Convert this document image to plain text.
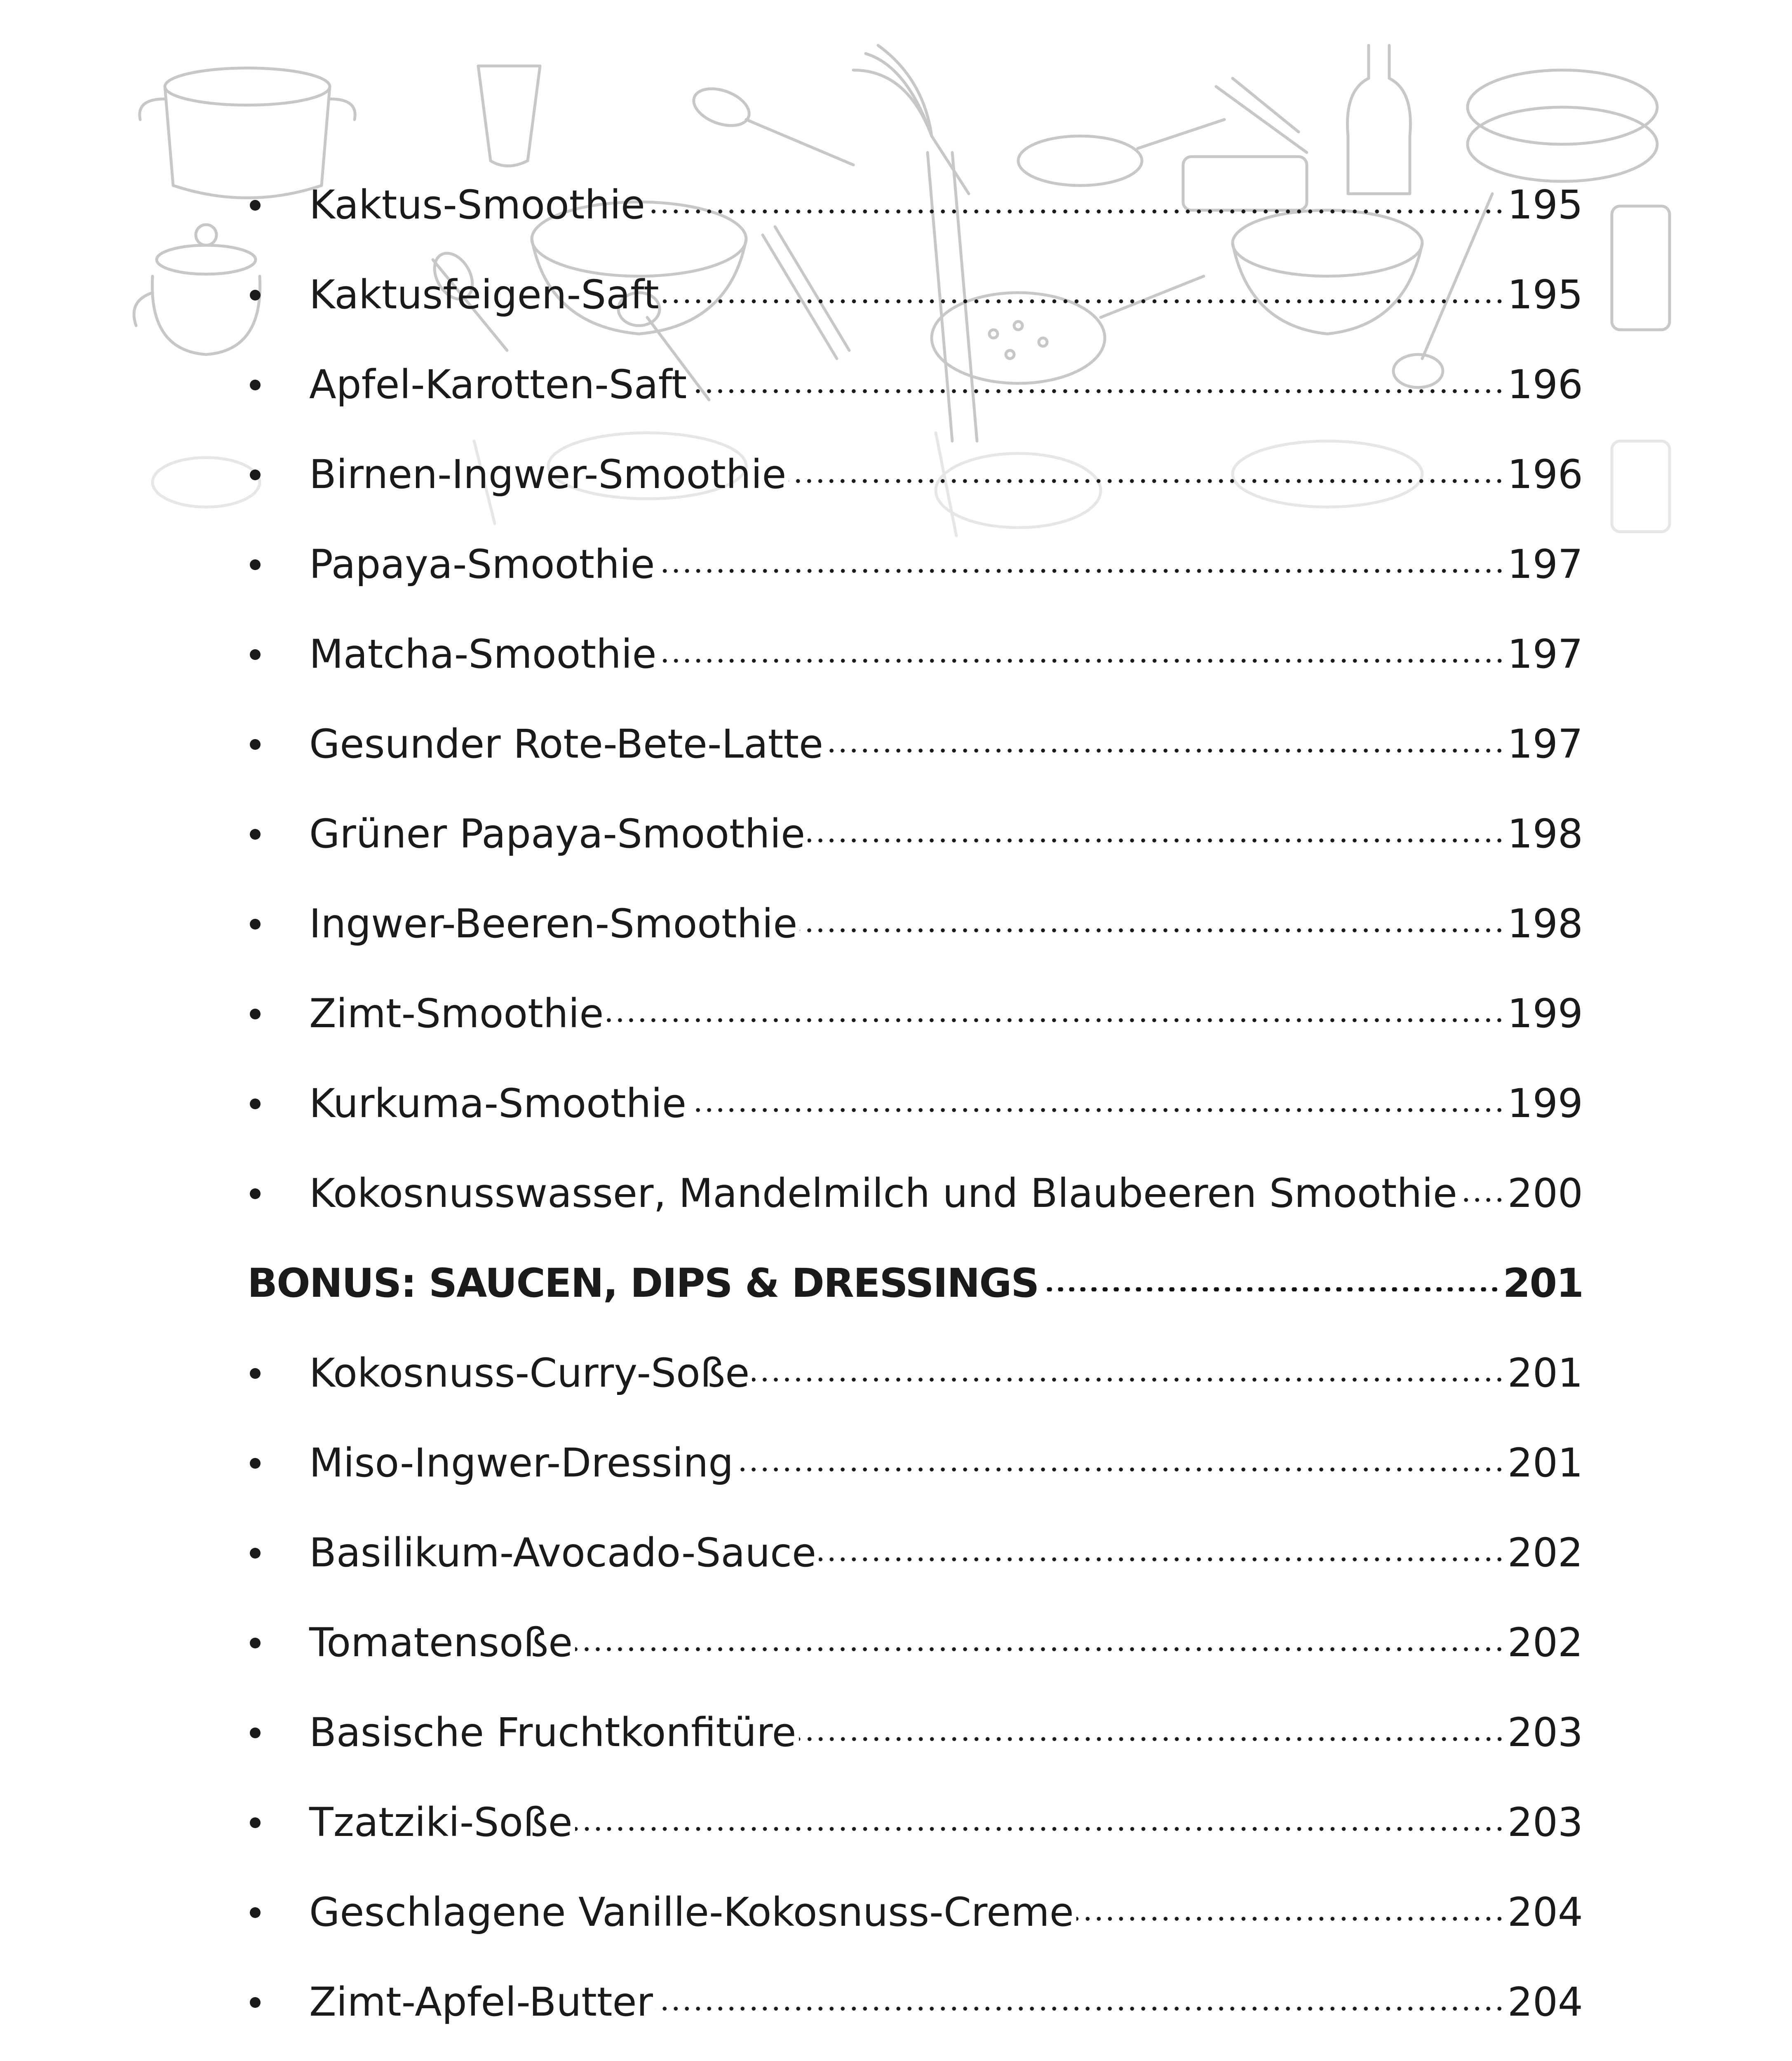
Kaktus-Smoothie	195
Kaktusfeigen-Saft	195
Apfel-Karotten-Saft	196
Birnen-Ingwer-Smoothie	196
Papaya-Smoothie	197
Matcha-Smoothie	197
Gesunder Rote-Bete-Latte	197
Grüner Papaya-Smoothie	198
Ingwer-Beeren-Smoothie	198
Zimt-Smoothie	199
Kurkuma-Smoothie	199
Kokosnusswasser, Mandelmilch und Blaubeeren Smoothie 200
BONUS: SAUCEN, DIPS & DRESSINGS	201
Kokosnuss-Curry-Soße	201
Miso-Ingwer-Dressing	201
Basilikum-Avocado-Sauce	202
Tomatensoße	202
Basische Fruchtkonfitüre	203
Tzatziki-Soße	203
Geschlagene Vanille-Kokosnuss-Creme	204
Zimt-Apfel-Butter	204
